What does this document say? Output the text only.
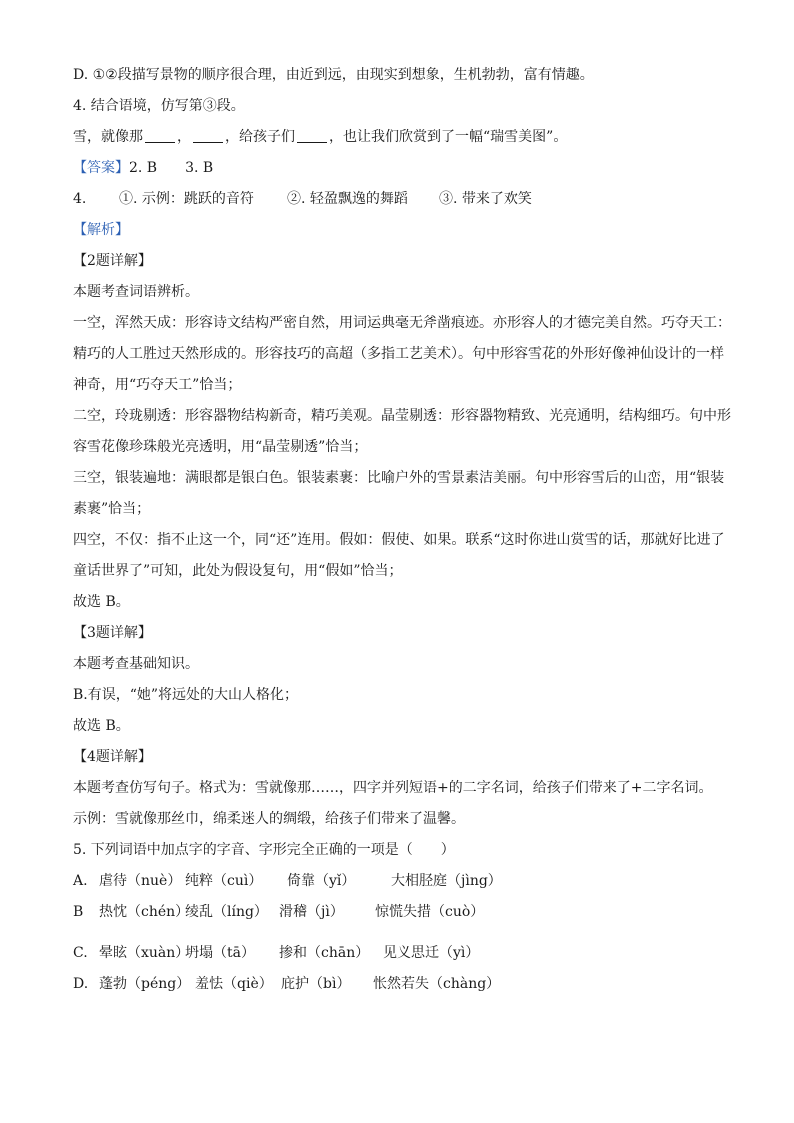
D. ①②段描写景物的顺序很合理，由近到远，由现实到想象，生机勃勃，富有情趣。
4. 结合语境，仿写第③段。
雪，就像那 ， ，给孩子们 ，也让我们欣赏到了一幅“瑞雪美图”。
【答案】2. B　　3. B
4. ①. 示例：跳跃的音符 ②. 轻盈飘逸的舞蹈 ③. 带来了欢笑
【解析】
【2题详解】
本题考查词语辨析。
一空，浑然天成：形容诗文结构严密自然，用词运典毫无斧凿痕迹。亦形容人的才德完美自然。巧夺天工：精巧的人工胜过天然形成的。形容技巧的高超（多指工艺美术）。句中形容雪花的外形好像神仙设计的一样神奇，用“巧夺天工”恰当；
二空，玲珑剔透：形容器物结构新奇，精巧美观。晶莹剔透：形容器物精致、光亮通明，结构细巧。句中形容雪花像珍珠般光亮透明，用“晶莹剔透”恰当；
三空，银装遍地：满眼都是银白色。银装素裹：比喻户外的雪景素洁美丽。句中形容雪后的山峦，用“银装素裹”恰当；
四空，不仅：指不止这一个，同“还”连用。假如：假使、如果。联系“这时你进山赏雪的话，那就好比进了童话世界了”可知，此处为假设复句，用“假如”恰当；
故选 B。
【3题详解】
本题考查基础知识。
B.有误，“她”将远处的大山人格化；
故选 B。
【4题详解】
本题考查仿写句子。格式为：雪就像那……，四字并列短语+的二字名词，给孩子们带来了+二字名词。
示例：雪就像那丝巾，绵柔迷人的绸缎，给孩子们带来了温馨。
5. 下列词语中加点字的字音、字形完全正确的一项是（　　）
A. 虐待（nuè） 纯粹（cuì） 倚靠（yǐ）	大相胫庭（jìng）
B 热忱（chén）绫乱（líng） 滑稽（jì） 惊慌失措（cuò）
C. 晕眩（xuàn）坍塌（tā） 掺和（chān） 见义思迁（yì）
D. 蓬勃（péng） 羞怯（qiè） 庇护（bì） 怅然若失（chàng）
